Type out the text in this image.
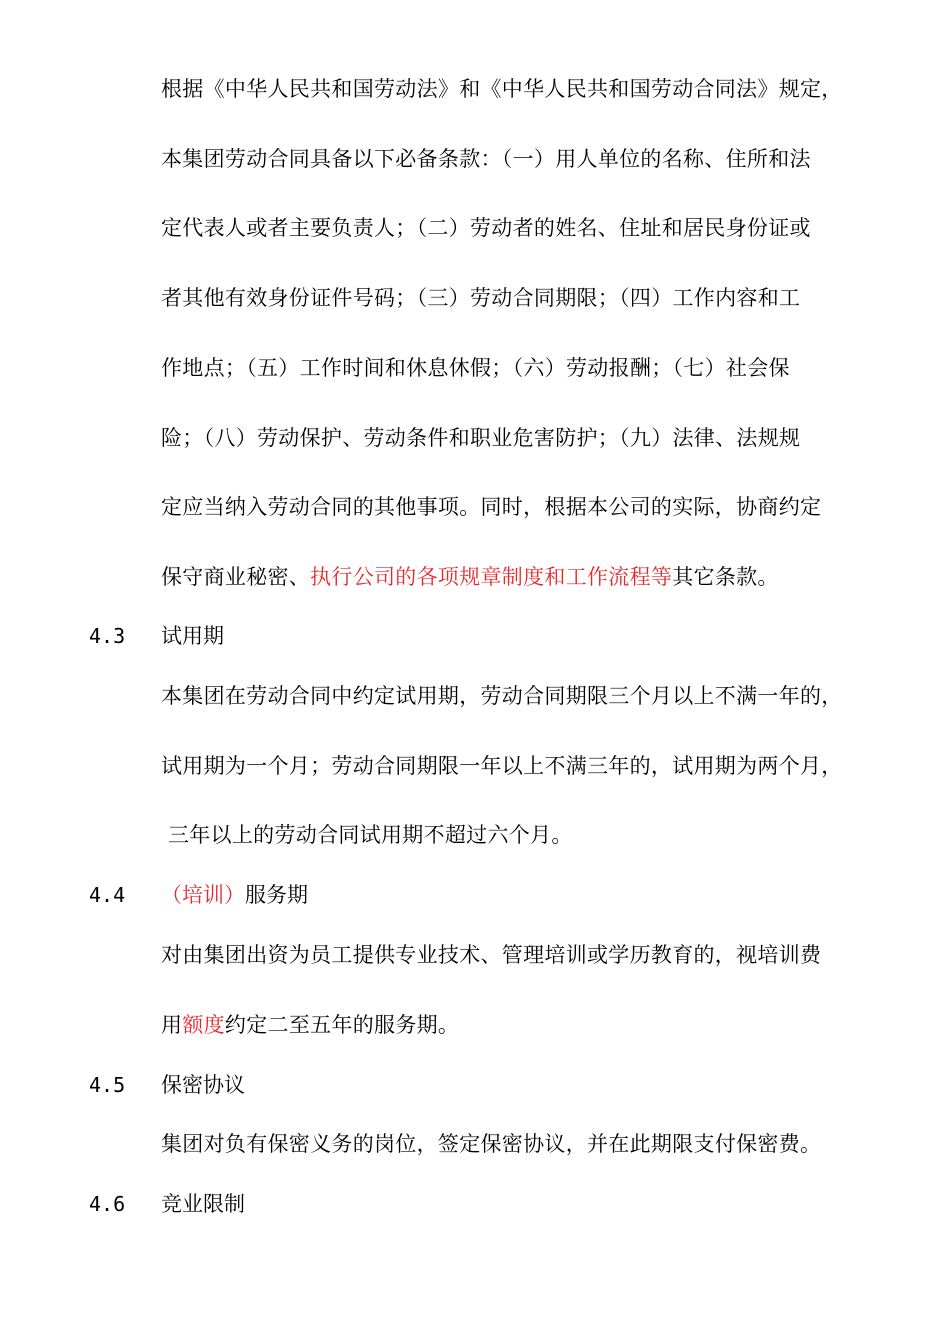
根据《中华人民共和国劳动法》和《中华人民共和国劳动合同法》规定，
本集团劳动合同具备以下必备条款：（一）用人单位的名称、住所和法
定代表人或者主要负责人；（二）劳动者的姓名、住址和居民身份证或
者其他有效身份证件号码；（三）劳动合同期限；（四）工作内容和工
作地点；（五）工作时间和休息休假；（六）劳动报酬；（七）社会保
险；（八）劳动保护、劳动条件和职业危害防护；（九）法律、法规规
定应当纳入劳动合同的其他事项。同时，根据本公司的实际，协商约定
保守商业秘密、执行公司的各项规章制度和工作流程等其它条款。
4.3	试用期
本集团在劳动合同中约定试用期，劳动合同期限三个月以上不满一年的，
试用期为一个月；劳动合同期限一年以上不满三年的，试用期为两个月，
三年以上的劳动合同试用期不超过六个月。
4.4	（培训）服务期
对由集团出资为员工提供专业技术、管理培训或学历教育的，视培训费
用额度约定二至五年的服务期。
4.5	保密协议
集团对负有保密义务的岗位，签定保密协议，并在此期限支付保密费。
4.6	竞业限制
